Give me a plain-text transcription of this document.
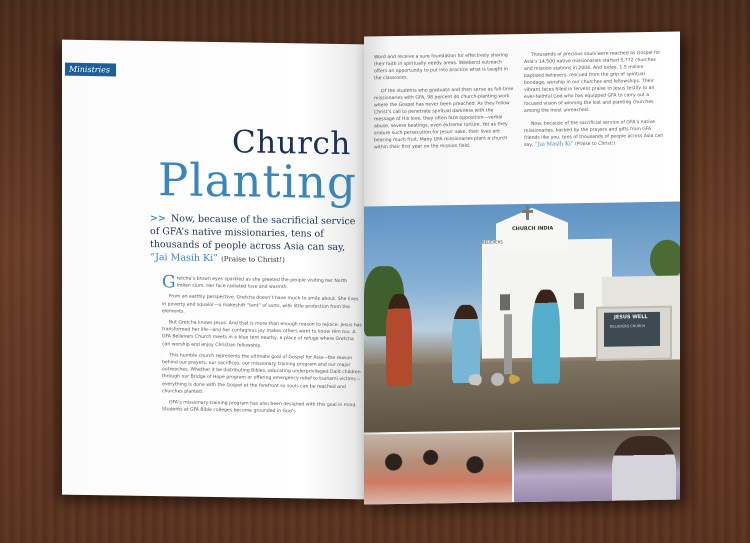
Ministries
Church
Planting
>> Now, because of the sacrificial service of GFA’s native missionaries, tens of thousands of people across Asia can say, “Jai Masih Ki” (Praise to Christ!)

Gretcha’s brown eyes sparkled as she greeted the people visiting her North Indian slum. Her face radiated love and warmth.

From an earthly perspective, Gretcha doesn’t have much to smile about. She lives in poverty and squalor—a makeshift “tent” of sorts, with little protection from the elements.

But Gretcha knows Jesus. And that is more than enough reason to rejoice. Jesus has transformed her life—and her contagious joy makes others want to know Him too. A GFA Believers Church meets in a blue tent nearby, a place of refuge where Gretcha can worship and enjoy Christian fellowship.

This humble church represents the ultimate goal of Gospel for Asia—the reason behind our prayers, our sacrifices, our missionary training program and our major outreaches. Whether it be distributing Bibles, educating underprivileged Dalit children through our Bridge of Hope program or offering emergency relief to tsunami victims—everything is done with the Gospel at the forefront so souls can be reached and churches planted.

GFA’s missionary-training program has also been designed with this goal in mind. Students at GFA Bible colleges become grounded in God’s

Word and receive a sure foundation for effectively sharing their faith in spiritually needy areas. Weekend outreach offers an opportunity to put into practice what is taught in the classroom.

Of the students who graduate and then serve as full-time missionaries with GFA, 98 percent do church-planting work where the Gospel has never been preached. As they follow Christ’s call to penetrate spiritual darkness with the message of His love, they often face opposition—verbal abuse, severe beatings, even extreme torture. Yet as they endure such persecution for Jesus’ sake, their lives are bearing much fruit. Many GFA missionaries plant a church within their first year on the mission field.

Thousands of precious souls were reached as Gospel for Asia’s 14,500 native missionaries started 5,772 churches and mission stations in 2004. And today, 1.5 million baptized believers, rescued from the grip of spiritual bondage, worship in our churches and fellowships. Their vibrant faces filled in fervent praise to Jesus testify to an ever-faithful God who has equipped GFA to carry out a focused vision of winning the lost and planting churches among the most unreached.

Now, because of the sacrificial service of GFA’s native missionaries, backed by the prayers and gifts from GFA friends like you, tens of thousands of people across Asia can say, “Jai Masih Ki” (Praise to Christ!)

CHURCH INDIA
BELIEVERS
JESUS WELL
BELIEVERS CHURCH
